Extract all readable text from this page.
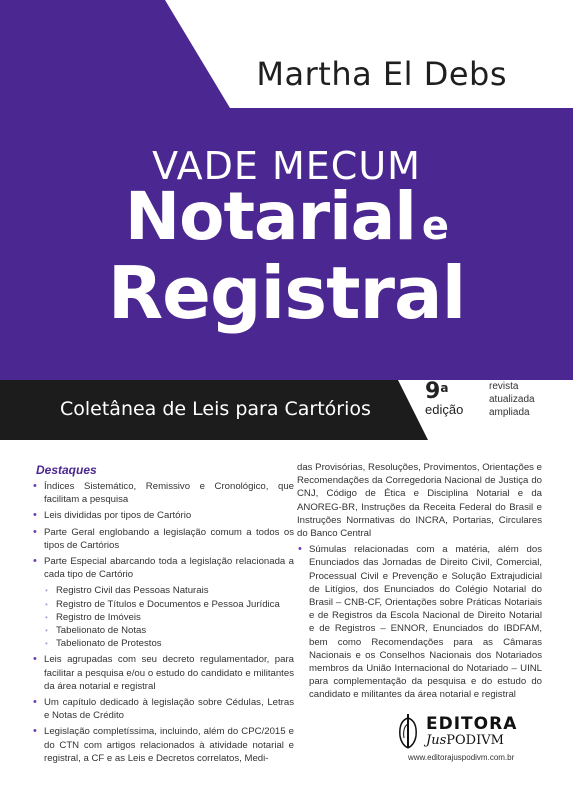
Martha El Debs
VADE MECUM
Notarial e
Registral
Coletânea de Leis para Cartórios
9$^a$
edição
revista
atualizada
ampliada
Destaques
• Índices Sistemático, Remissivo e Cronológico, que facilitam a pesquisa
• Leis divididas por tipos de Cartório
• Parte Geral englobando a legislação comum a todos os tipos de Cartórios
• Parte Especial abarcando toda a legislação relacionada a cada tipo de Cartório
• Registro Civil das Pessoas Naturais
• Registro de Títulos e Documentos e Pessoa Jurídica
• Registro de Imóveis
• Tabelionato de Notas
• Tabelionato de Protestos
• Leis agrupadas com seu decreto regulamentador, para facilitar a pesquisa e/ou o estudo do candidato e militantes da área notarial e registral
• Um capítulo dedicado à legislação sobre Cédulas, Letras e Notas de Crédito
• Legislação completíssima, incluindo, além do CPC/2015 e do CTN com artigos relacionados à atividade notarial e registral, a CF e as Leis e Decretos correlatos, Medi-
das Provisórias, Resoluções, Provimentos, Orientações e Recomendações da Corregedoria Nacional de Justiça do CNJ, Código de Ética e Disciplina Notarial e da ANOREG-BR, Instruções da Receita Federal do Brasil e Instruções Normativas do INCRA, Portarias, Circulares do Banco Central
• Súmulas relacionadas com a matéria, além dos Enunciados das Jornadas de Direito Civil, Comercial, Processual Civil e Prevenção e Solução Extrajudicial de Litígios, dos Enunciados do Colégio Notarial do Brasil – CNB-CF, Orientações sobre Práticas Notariais e de Registros da Escola Nacional de Direito Notarial e de Registros – ENNOR, Enunciados do IBDFAM, bem como Recomendações para as Câmaras Nacionais e os Conselhos Nacionais dos Notariados membros da União Internacional do Notariado – UINL para complementação da pesquisa e do estudo do candidato e militantes da área notarial e registral
EDITORA
JusPODIVM
www.editorajuspodivm.com.br
